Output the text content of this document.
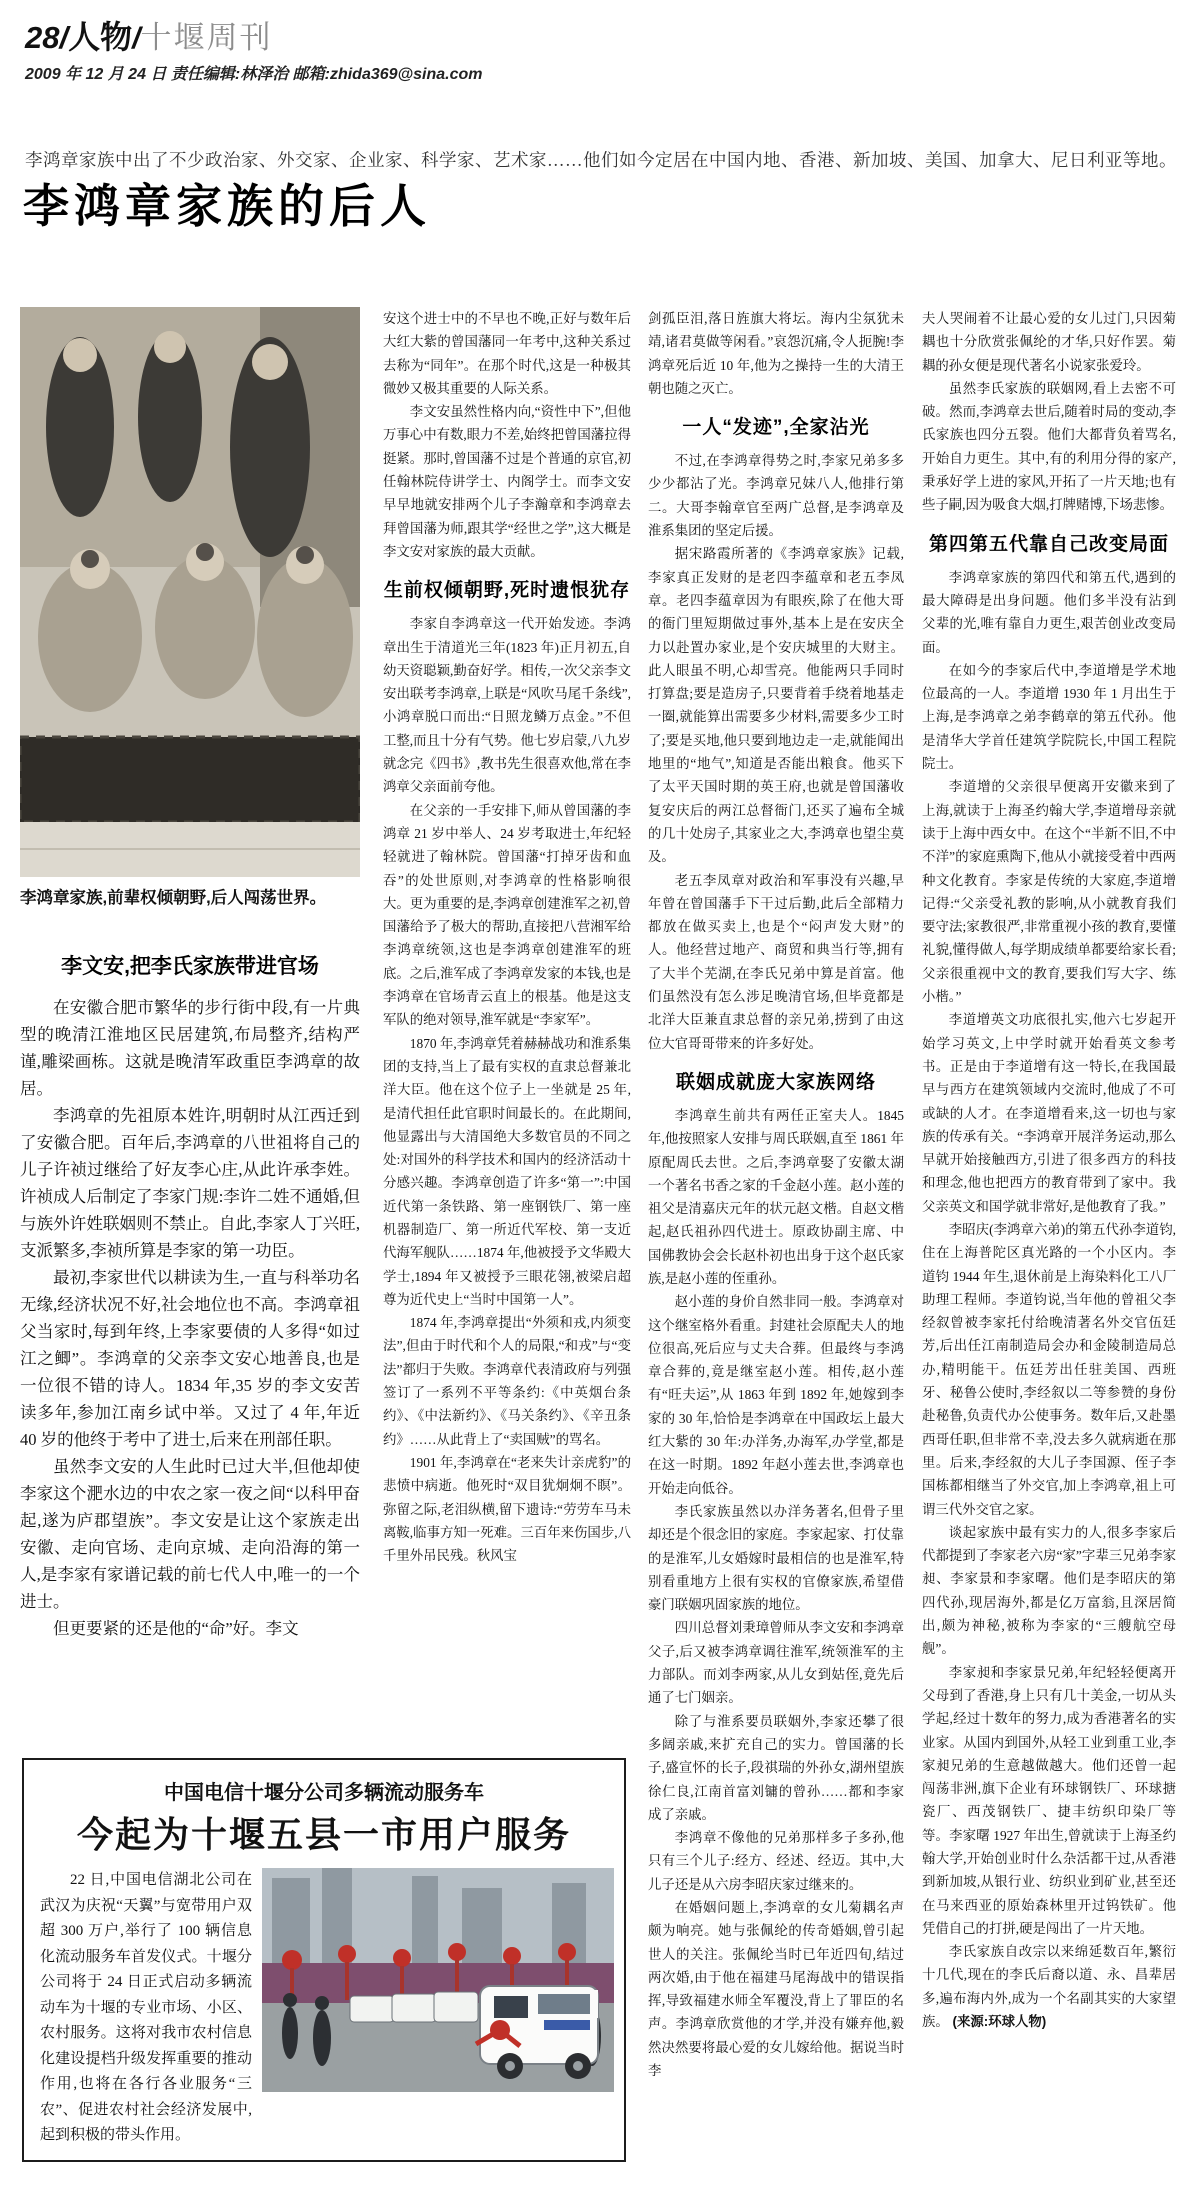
28/人物/十堰周刊
2009 年 12 月 24 日 责任编辑:林泽治 邮箱:zhida369@sina.com
李鸿章家族中出了不少政治家、外交家、企业家、科学家、艺术家……他们如今定居在中国内地、香港、新加坡、美国、加拿大、尼日利亚等地。
李鸿章家族的后人

李鸿章家族,前辈权倾朝野,后人闯荡世界。

李文安,把李氏家族带进官场

在安徽合肥市繁华的步行街中段,有一片典型的晚清江淮地区民居建筑,布局整齐,结构严谨,雕梁画栋。这就是晚清军政重臣李鸿章的故居。

李鸿章的先祖原本姓许,明朝时从江西迁到了安徽合肥。百年后,李鸿章的八世祖将自己的儿子许祯过继给了好友李心庄,从此许承李姓。许祯成人后制定了李家门规:李许二姓不通婚,但与族外许姓联姻则不禁止。自此,李家人丁兴旺,支派繁多,李祯所算是李家的第一功臣。

最初,李家世代以耕读为生,一直与科举功名无缘,经济状况不好,社会地位也不高。李鸿章祖父当家时,每到年终,上李家要债的人多得“如过江之鲫”。李鸿章的父亲李文安心地善良,也是一位很不错的诗人。1834 年,35 岁的李文安苦读多年,参加江南乡试中举。又过了 4 年,年近 40 岁的他终于考中了进士,后来在刑部任职。

虽然李文安的人生此时已过大半,但他却使李家这个淝水边的中农之家一夜之间“以科甲奋起,遂为庐郡望族”。李文安是让这个家族走出安徽、走向官场、走向京城、走向沿海的第一人,是李家有家谱记载的前七代人中,唯一的一个进士。

但更要紧的还是他的“命”好。李文

安这个进士中的不早也不晚,正好与数年后大红大紫的曾国藩同一年考中,这种关系过去称为“同年”。在那个时代,这是一种极其微妙又极其重要的人际关系。

李文安虽然性格内向,“资性中下”,但他万事心中有数,眼力不差,始终把曾国藩拉得挺紧。那时,曾国藩不过是个普通的京官,初任翰林院侍讲学士、内阁学士。而李文安早早地就安排两个儿子李瀚章和李鸿章去拜曾国藩为师,跟其学“经世之学”,这大概是李文安对家族的最大贡献。

生前权倾朝野,死时遗恨犹存

李家自李鸿章这一代开始发迹。李鸿章出生于清道光三年(1823 年)正月初五,自幼天资聪颖,勤奋好学。相传,一次父亲李文安出联考李鸿章,上联是“风吹马尾千条线”,小鸿章脱口而出:“日照龙鳞万点金。”不但工整,而且十分有气势。他七岁启蒙,八九岁就念完《四书》,教书先生很喜欢他,常在李鸿章父亲面前夸他。

在父亲的一手安排下,师从曾国藩的李鸿章 21 岁中举人、24 岁考取进士,年纪轻轻就进了翰林院。曾国藩“打掉牙齿和血吞”的处世原则,对李鸿章的性格影响很大。更为重要的是,李鸿章创建淮军之初,曾国藩给予了极大的帮助,直接把八营湘军给李鸿章统领,这也是李鸿章创建淮军的班底。之后,淮军成了李鸿章发家的本钱,也是李鸿章在官场青云直上的根基。他是这支军队的绝对领导,淮军就是“李家军”。

1870 年,李鸿章凭着赫赫战功和淮系集团的支持,当上了最有实权的直隶总督兼北洋大臣。他在这个位子上一坐就是 25 年,是清代担任此官职时间最长的。在此期间,他显露出与大清国绝大多数官员的不同之处:对国外的科学技术和国内的经济活动十分感兴趣。李鸿章创造了许多“第一”:中国近代第一条铁路、第一座钢铁厂、第一座机器制造厂、第一所近代军校、第一支近代海军舰队……1874 年,他被授予文华殿大学士,1894 年又被授予三眼花翎,被梁启超尊为近代史上“当时中国第一人”。

1874 年,李鸿章提出“外须和戎,内须变法”,但由于时代和个人的局限,“和戎”与“变法”都归于失败。李鸿章代表清政府与列强签订了一系列不平等条约:《中英烟台条约》、《中法新约》、《马关条约》、《辛丑条约》……从此背上了“卖国贼”的骂名。

1901 年,李鸿章在“老来失计亲虎豹”的悲愤中病逝。他死时“双目犹炯炯不瞑”。弥留之际,老泪纵横,留下遗诗:“劳劳车马未离鞍,临事方知一死难。三百年来伤国步,八千里外吊民残。秋风宝

剑孤臣泪,落日旌旗大将坛。海内尘氛犹未靖,诸君莫做等闲看。”哀怨沉痛,令人扼腕!李鸿章死后近 10 年,他为之操持一生的大清王朝也随之灭亡。

一人“发迹”,全家沾光

不过,在李鸿章得势之时,李家兄弟多多少少都沾了光。李鸿章兄妹八人,他排行第二。大哥李翰章官至两广总督,是李鸿章及淮系集团的坚定后援。

据宋路霞所著的《李鸿章家族》记载,李家真正发财的是老四李蕴章和老五李凤章。老四李蕴章因为有眼疾,除了在他大哥的衙门里短期做过事外,基本上是在安庆全力以赴置办家业,是个安庆城里的大财主。此人眼虽不明,心却雪亮。他能两只手同时打算盘;要是造房子,只要背着手绕着地基走一圈,就能算出需要多少材料,需要多少工时了;要是买地,他只要到地边走一走,就能闻出地里的“地气”,知道是否能出粮食。他买下了太平天国时期的英王府,也就是曾国藩收复安庆后的两江总督衙门,还买了遍布全城的几十处房子,其家业之大,李鸿章也望尘莫及。

老五李凤章对政治和军事没有兴趣,早年曾在曾国藩手下干过后勤,此后全部精力都放在做买卖上,也是个“闷声发大财”的人。他经营过地产、商贸和典当行等,拥有了大半个芜湖,在李氏兄弟中算是首富。他们虽然没有怎么涉足晚清官场,但毕竟都是北洋大臣兼直隶总督的亲兄弟,捞到了由这位大官哥哥带来的许多好处。

联姻成就庞大家族网络

李鸿章生前共有两任正室夫人。1845 年,他按照家人安排与周氏联姻,直至 1861 年原配周氏去世。之后,李鸿章娶了安徽太湖一个著名书香之家的千金赵小莲。赵小莲的祖父是清嘉庆元年的状元赵文楷。自赵文楷起,赵氏祖孙四代进士。原政协副主席、中国佛教协会会长赵朴初也出身于这个赵氏家族,是赵小莲的侄重孙。

赵小莲的身价自然非同一般。李鸿章对这个继室格外看重。封建社会原配夫人的地位很高,死后应与丈夫合葬。但最终与李鸿章合葬的,竟是继室赵小莲。相传,赵小莲有“旺夫运”,从 1863 年到 1892 年,她嫁到李家的 30 年,恰恰是李鸿章在中国政坛上最大红大紫的 30 年:办洋务,办海军,办学堂,都是在这一时期。1892 年赵小莲去世,李鸿章也开始走向低谷。

李氏家族虽然以办洋务著名,但骨子里却还是个很念旧的家庭。李家起家、打仗靠的是淮军,儿女婚嫁时最相信的也是淮军,特别看重地方上很有实权的官僚家族,希望借豪门联姻巩固家族的地位。

四川总督刘秉璋曾师从李文安和李鸿章父子,后又被李鸿章调往淮军,统领淮军的主力部队。而刘李两家,从儿女到姑侄,竟先后通了七门姻亲。

除了与淮系要员联姻外,李家还攀了很多阔亲戚,来扩充自己的实力。曾国藩的长子,盛宣怀的长子,段祺瑞的外孙女,湖州望族徐仁良,江南首富刘镛的曾孙……都和李家成了亲戚。

李鸿章不像他的兄弟那样多子多孙,他只有三个儿子:经方、经述、经迈。其中,大儿子还是从六房李昭庆家过继来的。

在婚姻问题上,李鸿章的女儿菊耦名声颇为响亮。她与张佩纶的传奇婚姻,曾引起世人的关注。张佩纶当时已年近四旬,结过两次婚,由于他在福建马尾海战中的错误指挥,导致福建水师全军覆没,背上了罪臣的名声。李鸿章欣赏他的才学,并没有嫌弃他,毅然决然要将最心爱的女儿嫁给他。据说当时李

夫人哭闹着不让最心爱的女儿过门,只因菊耦也十分欣赏张佩纶的才华,只好作罢。菊耦的孙女便是现代著名小说家张爱玲。

虽然李氏家族的联姻网,看上去密不可破。然而,李鸿章去世后,随着时局的变动,李氏家族也四分五裂。他们大都背负着骂名,开始自力更生。其中,有的利用分得的家产,秉承好学上进的家风,开拓了一片天地;也有些子嗣,因为吸食大烟,打牌赌博,下场悲惨。

第四第五代靠自己改变局面

李鸿章家族的第四代和第五代,遇到的最大障碍是出身问题。他们多半没有沾到父辈的光,唯有靠自力更生,艰苦创业改变局面。

在如今的李家后代中,李道增是学术地位最高的一人。李道增 1930 年 1 月出生于上海,是李鸿章之弟李鹤章的第五代孙。他是清华大学首任建筑学院院长,中国工程院院士。

李道增的父亲很早便离开安徽来到了上海,就读于上海圣约翰大学,李道增母亲就读于上海中西女中。在这个“半新不旧,不中不洋”的家庭熏陶下,他从小就接受着中西两种文化教育。李家是传统的大家庭,李道增记得:“父亲受礼教的影响,从小就教育我们要守法;家教很严,非常重视小孩的教育,要懂礼貌,懂得做人,每学期成绩单都要给家长看;父亲很重视中文的教育,要我们写大字、练小楷。”

李道增英文功底很扎实,他六七岁起开始学习英文,上中学时就开始看英文参考书。正是由于李道增有这一特长,在我国最早与西方在建筑领域内交流时,他成了不可或缺的人才。在李道增看来,这一切也与家族的传承有关。“李鸿章开展洋务运动,那么早就开始接触西方,引进了很多西方的科技和理念,他也把西方的教育带到了家中。我父亲英文和国学就非常好,是他教育了我。”

李昭庆(李鸿章六弟)的第五代孙李道钧,住在上海普陀区真光路的一个小区内。李道钧 1944 年生,退休前是上海染料化工八厂助理工程师。李道钧说,当年他的曾祖父李经叙曾被李家托付给晚清著名外交官伍廷芳,后出任江南制造局会办和金陵制造局总办,精明能干。伍廷芳出任驻美国、西班牙、秘鲁公使时,李经叙以二等参赞的身份赴秘鲁,负责代办公使事务。数年后,又赴墨西哥任职,但非常不幸,没去多久就病逝在那里。后来,李经叙的大儿子李国源、侄子李国栋都相继当了外交官,加上李鸿章,祖上可谓三代外交官之家。

谈起家族中最有实力的人,很多李家后代都提到了李家老六房“家”字辈三兄弟李家昶、李家景和李家曙。他们是李昭庆的第四代孙,现居海外,都是亿万富翁,且深居简出,颇为神秘,被称为李家的“三艘航空母舰”。

李家昶和李家景兄弟,年纪轻轻便离开父母到了香港,身上只有几十美金,一切从头学起,经过十数年的努力,成为香港著名的实业家。从国内到国外,从轻工业到重工业,李家昶兄弟的生意越做越大。他们还曾一起闯荡非洲,旗下企业有环球钢铁厂、环球搪瓷厂、西茂钢铁厂、捷丰纺织印染厂等等。李家曙 1927 年出生,曾就读于上海圣约翰大学,开始创业时什么杂活都干过,从香港到新加坡,从银行业、纺织业到矿业,甚至还在马来西亚的原始森林里开过钨铁矿。他凭借自己的打拼,硬是闯出了一片天地。

李氏家族自改宗以来绵延数百年,繁衍十几代,现在的李氏后裔以道、永、昌辈居多,遍布海内外,成为一个名副其实的大家望族。 (来源:环球人物)

中国电信十堰分公司多辆流动服务车
今起为十堰五县一市用户服务

22 日,中国电信湖北公司在武汉为庆祝“天翼”与宽带用户双超 300 万户,举行了 100 辆信息化流动服务车首发仪式。十堰分公司将于 24 日正式启动多辆流动车为十堰的专业市场、小区、农村服务。这将对我市农村信息化建设提档升级发挥重要的推动作用,也将在各行各业服务“三农”、促进农村社会经济发展中,起到积极的带头作用。
